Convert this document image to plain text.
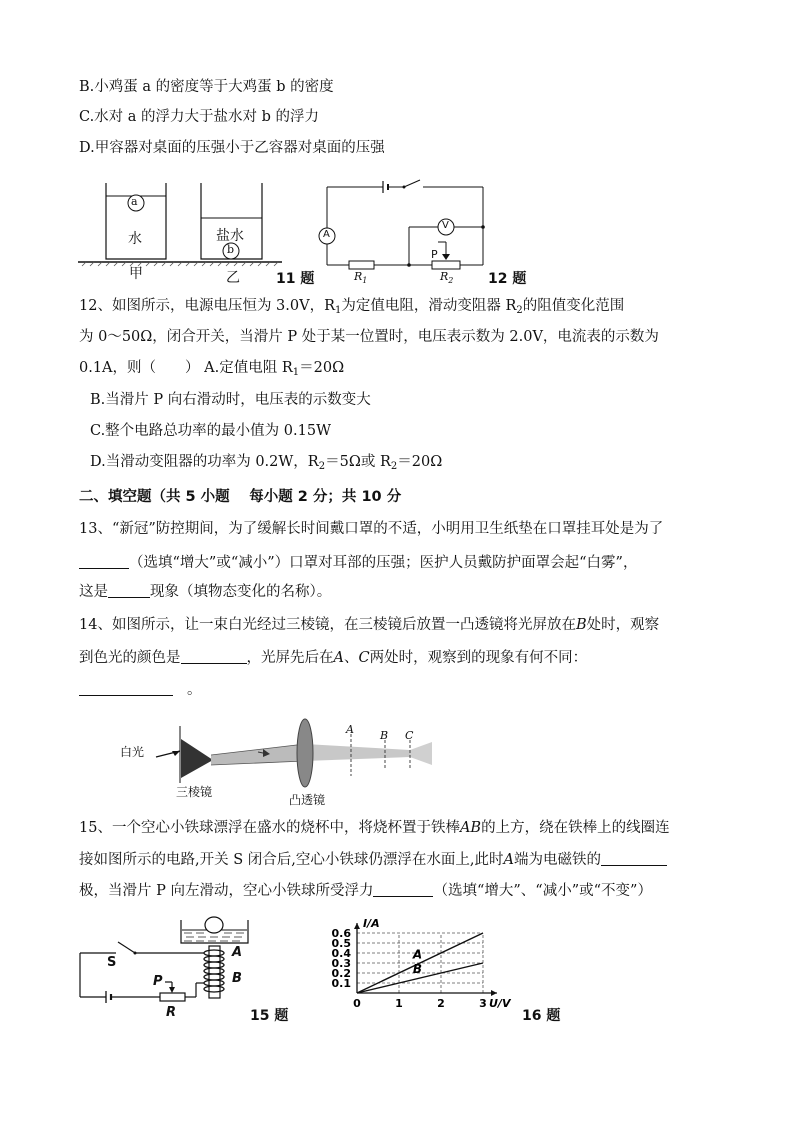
B.小鸡蛋 a 的密度等于大鸡蛋 b 的密度
C.水对 a 的浮力大于盐水对 b 的浮力
D.甲容器对桌面的压强小于乙容器对桌面的压强
a
b
水	盐水
甲	乙	11 题
A
V
P
$R_1$	$R_2$ 12 题
12、如图所示，电源电压恒为 3.0V，$R_1$为定值电阻，滑动变阻器 $R_2$的阻值变化范围
为 0～50Ω，闭合开关，当滑片 P 处于某一位置时，电压表示数为 2.0V，电流表的示数为
0.1A，则（　　） A.定值电阻 $R_1=20\Omega$
B.当滑片 P 向右滑动时，电压表的示数变大
C.整个电路总功率的最小值为 0.15W
D.当滑动变阻器的功率为 0.2W，$R_2=5\Omega$或 $R_2=20\Omega$
二、填空题（共 5 小题　 每小题 2 分；共 10 分
13、“新冠”防控期间，为了缓解长时间戴口罩的不适，小明用卫生纸垫在口罩挂耳处是为了
（选填“增大”或“减小”）口罩对耳部的压强；医护人员戴防护面罩会起“白雾”，
这是	现象（填物态变化的名称）。
14、如图所示，让一束白光经过三棱镜，在三棱镜后放置一凸透镜将光屏放在B处时，观察
到色光的颜色是	，光屏先后在A、C两处时，观察到的现象有何不同：
。
白光
三棱镜
凸透镜
A B C
15、一个空心小铁球漂浮在盛水的烧杯中，将烧杯置于铁棒AB的上方，绕在铁棒上的线圈连
接如图所示的电路,开关 S 闭合后,空心小铁球仍漂浮在水面上,此时A端为电磁铁的
极，当滑片 P 向左滑动，空心小铁球所受浮力	（选填“增大”、“减小”或“不变”）
S
P
R
A
B
15 题
0.1
0.2
0.3
0.4
0.5
0.6
0	1	2	3
I/A
U/V
A
B
16 题
